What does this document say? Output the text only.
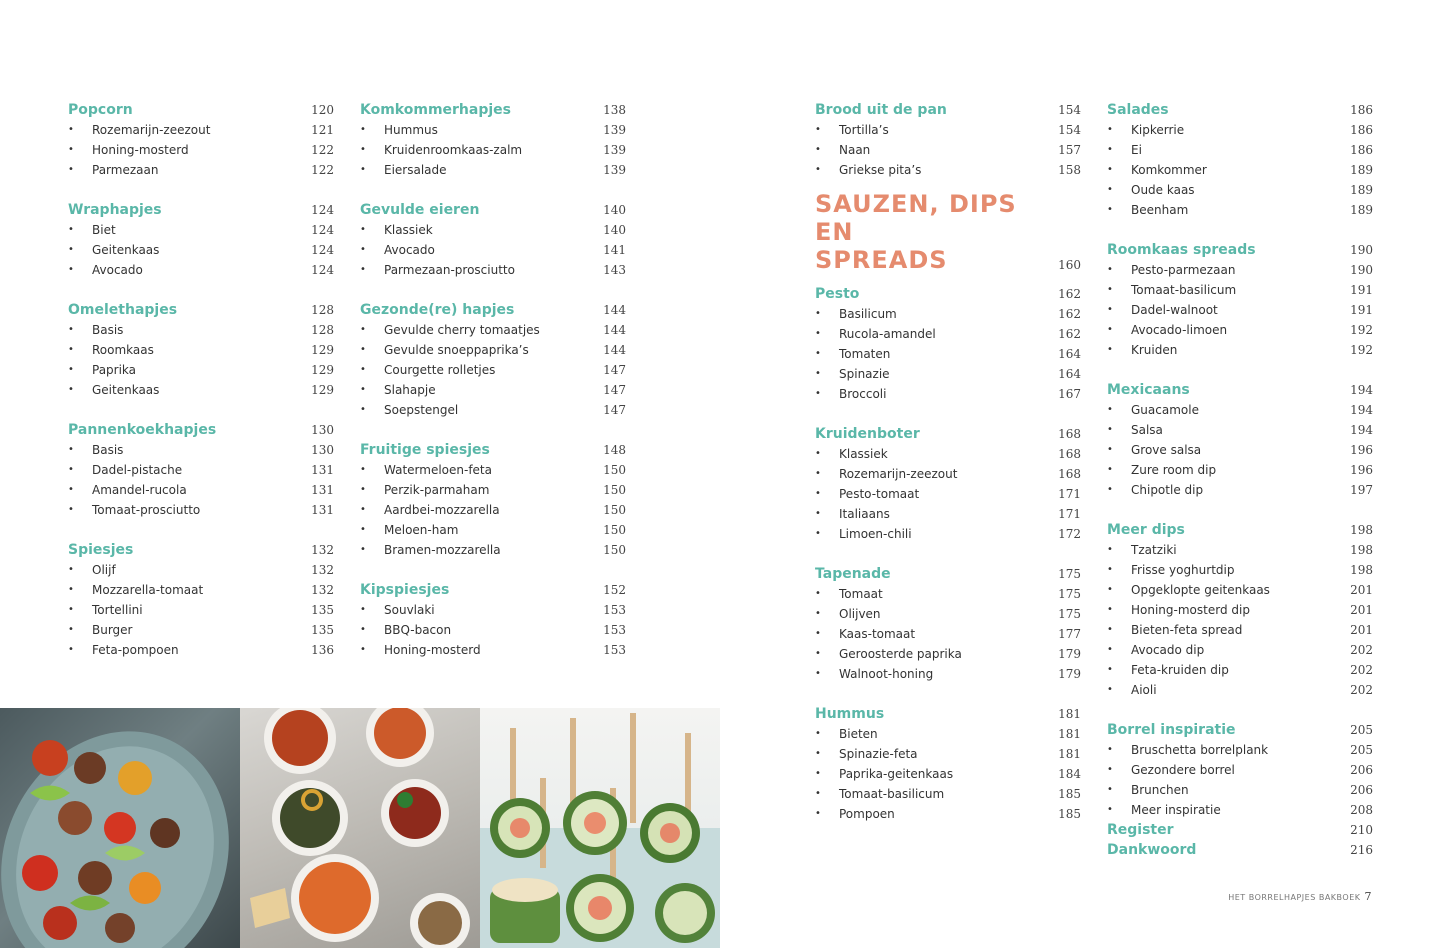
Popcorn	120
• Rozemarijn-zeezout	121
• Honing-mosterd	122
• Parmezaan	122
Wraphapjes	124
• Biet	124
• Geitenkaas	124
• Avocado	124
Omelethapjes	128
• Basis	128
• Roomkaas	129
• Paprika	129
• Geitenkaas	129
Pannenkoekhapjes	130
• Basis	130
• Dadel-pistache	131
• Amandel-rucola	131
• Tomaat-prosciutto	131
Spiesjes	132
• Olijf	132
• Mozzarella-tomaat	132
• Tortellini	135
• Burger	135
• Feta-pompoen	136
Komkommerhapjes	138
• Hummus	139
• Kruidenroomkaas-zalm	139
• Eiersalade	139
Gevulde eieren	140
• Klassiek	140
• Avocado	141
• Parmezaan-prosciutto	143
Gezonde(re) hapjes	144
• Gevulde cherry tomaatjes	144
• Gevulde snoeppaprika’s	144
• Courgette rolletjes	147
• Slahapje	147
• Soepstengel	147
Fruitige spiesjes	148
• Watermeloen-feta	150
• Perzik-parmaham	150
• Aardbei-mozzarella	150
• Meloen-ham	150
• Bramen-mozzarella	150
Kipspiesjes	152
• Souvlaki	153
• BBQ-bacon	153
• Honing-mosterd	153
Brood uit de pan	154
• Tortilla’s	154
• Naan	157
• Griekse pita’s	158
SAUZEN, DIPS EN
SPREADS	160
Pesto	162
• Basilicum	162
• Rucola-amandel	162
• Tomaten	164
• Spinazie	164
• Broccoli	167
Kruidenboter	168
• Klassiek	168
• Rozemarijn-zeezout	168
• Pesto-tomaat	171
• Italiaans	171
• Limoen-chili	172
Tapenade	175
• Tomaat	175
• Olijven	175
• Kaas-tomaat	177
• Geroosterde paprika	179
• Walnoot-honing	179
Hummus	181
• Bieten	181
• Spinazie-feta	181
• Paprika-geitenkaas	184
• Tomaat-basilicum	185
• Pompoen	185
Salades	186
• Kipkerrie	186
• Ei	186
• Komkommer	189
• Oude kaas	189
• Beenham	189
Roomkaas spreads	190
• Pesto-parmezaan	190
• Tomaat-basilicum	191
• Dadel-walnoot	191
• Avocado-limoen	192
• Kruiden	192
Mexicaans	194
• Guacamole	194
• Salsa	194
• Grove salsa	196
• Zure room dip	196
• Chipotle dip	197
Meer dips	198
• Tzatziki	198
• Frisse yoghurtdip	198
• Opgeklopte geitenkaas	201
• Honing-mosterd dip	201
• Bieten-feta spread	201
• Avocado dip	202
• Feta-kruiden dip	202
• Aioli	202
Borrel inspiratie	205
• Bruschetta borrelplank	205
• Gezondere borrel	206
• Brunchen	206
• Meer inspiratie	208
Register	210
Dankwoord	216
HET BORRELHAPJES BAKBOEK 7
